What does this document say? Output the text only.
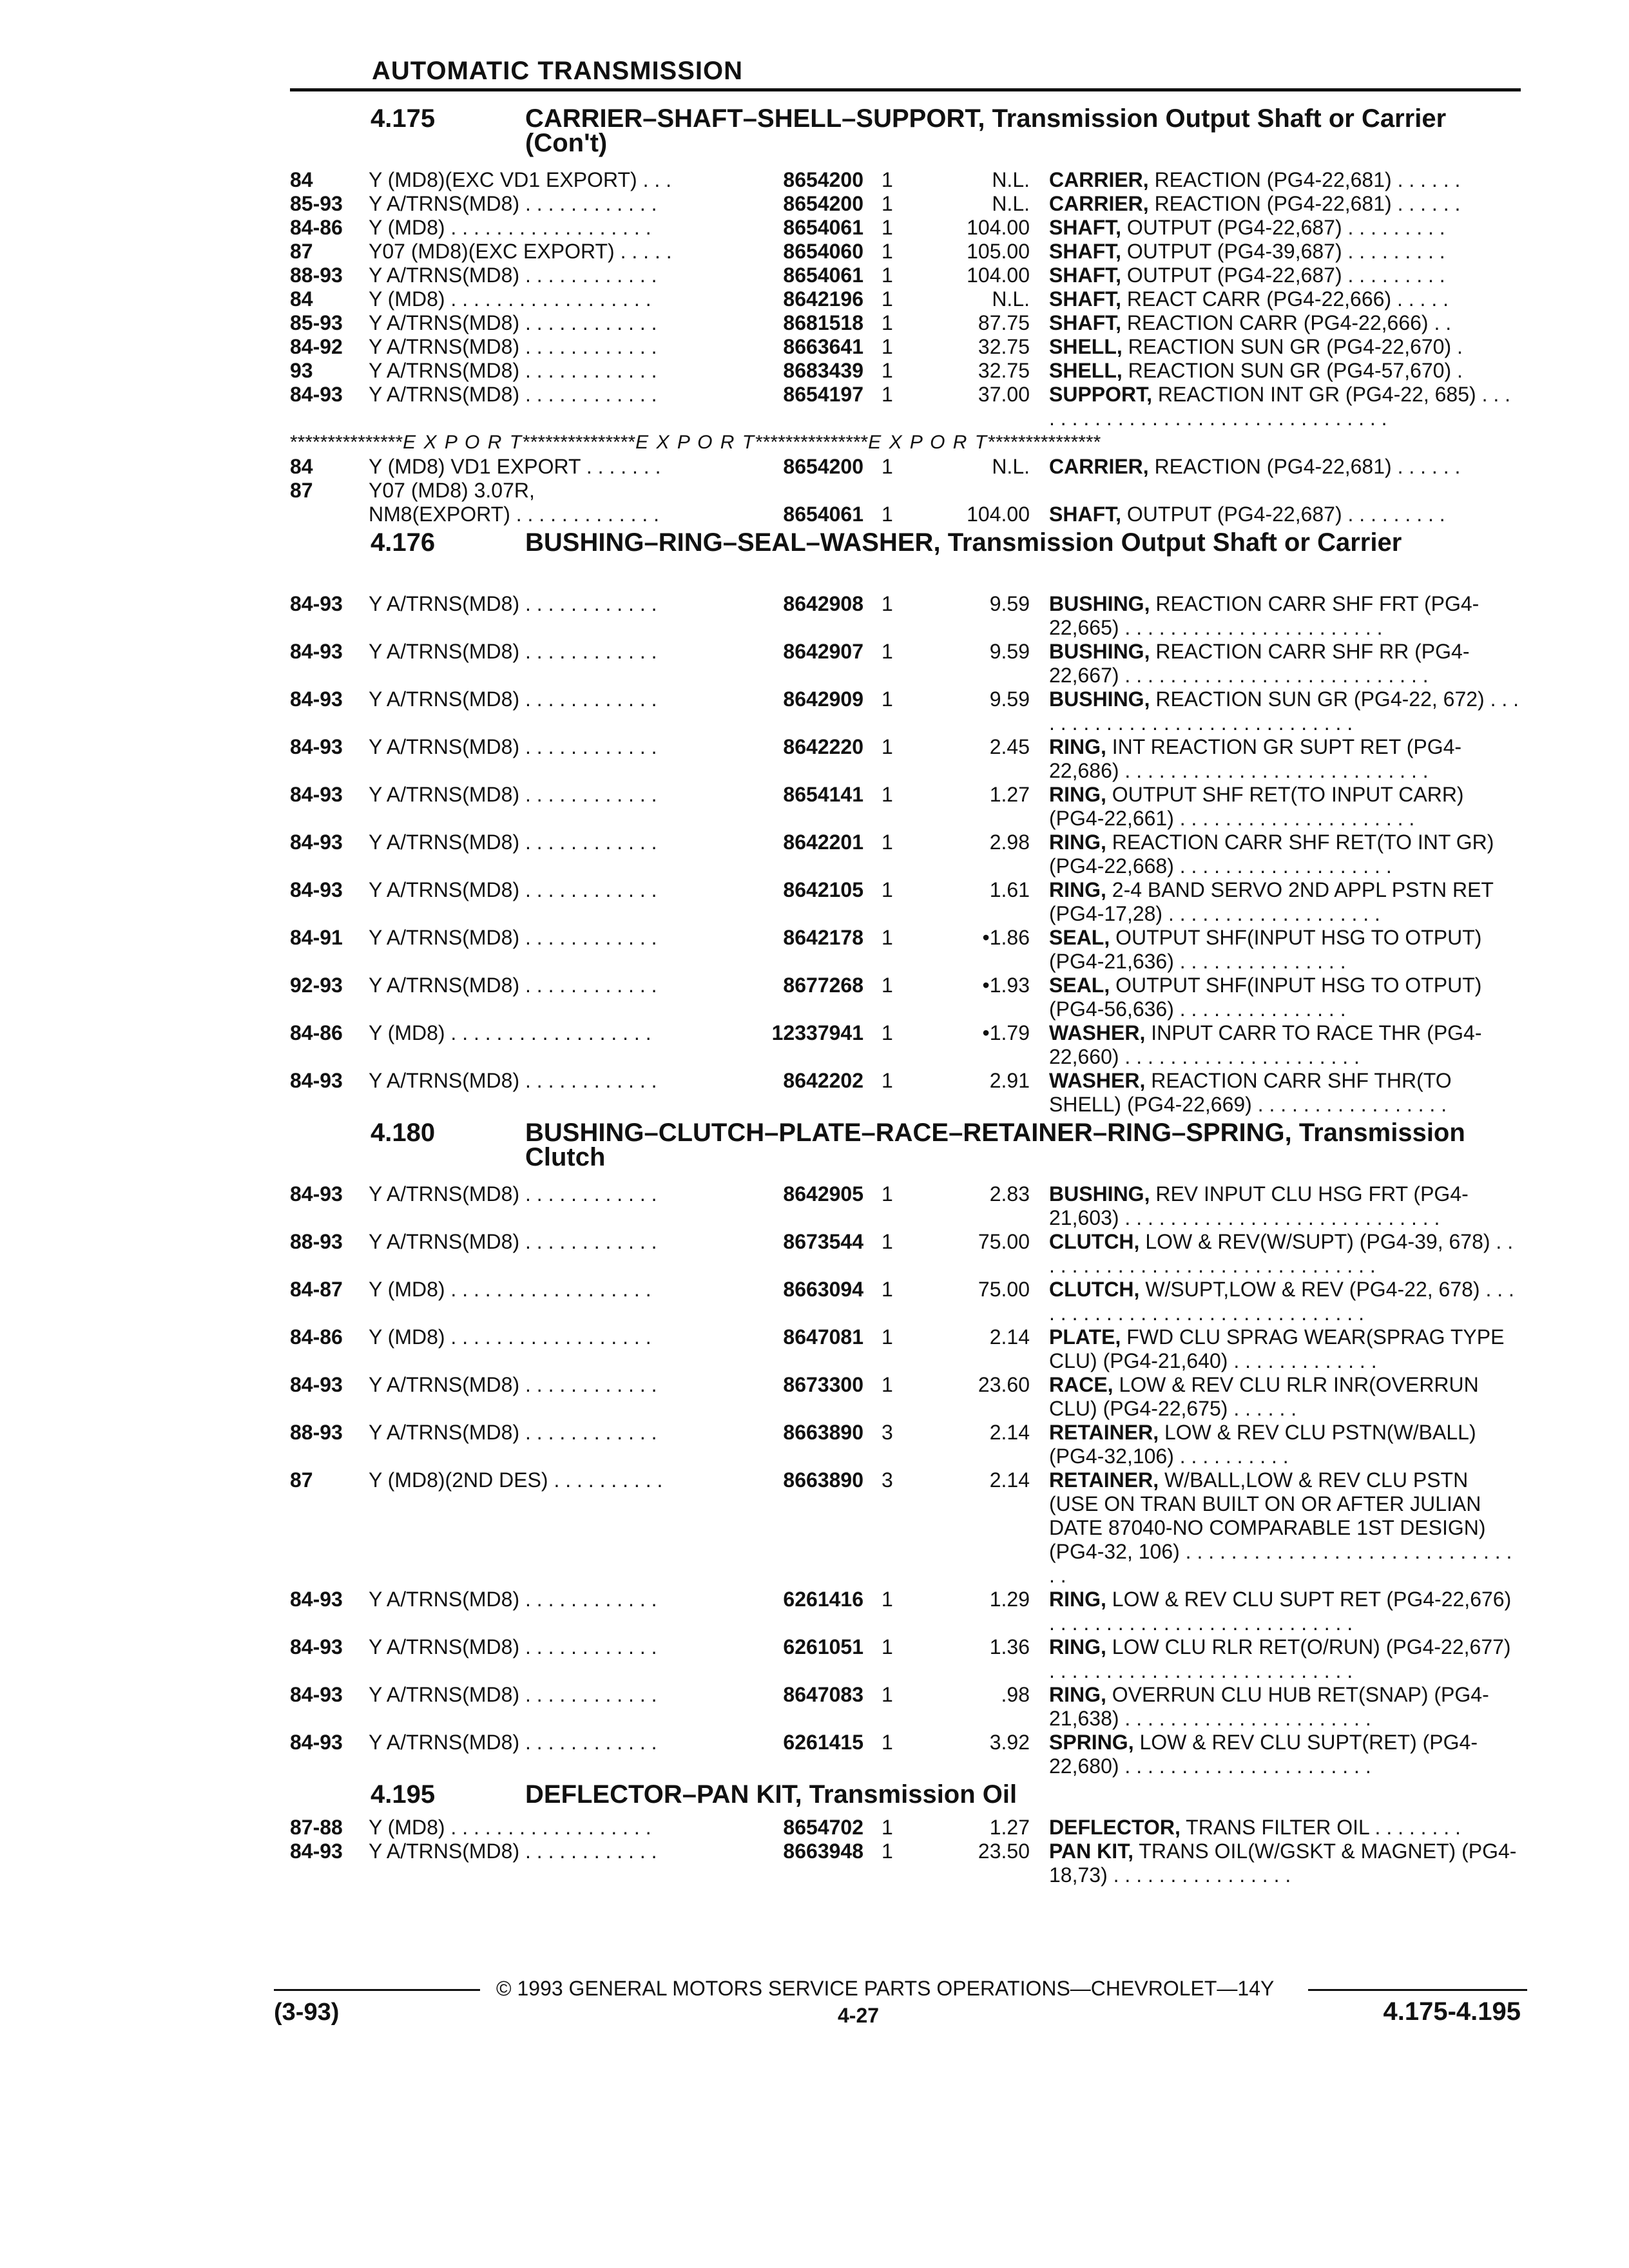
AUTOMATIC TRANSMISSION
4.175	CARRIER–SHAFT–SHELL–SUPPORT, Transmission Output Shaft or Carrier (Con't)
84	Y (MD8)(EXC VD1 EXPORT) . . .	8654200 1	N.L. CARRIER, REACTION (PG4-22,681) . . . . . .
85-93 Y A/TRNS(MD8) . . . . . . . . . . . .	8654200 1	N.L. CARRIER, REACTION (PG4-22,681) . . . . . .
84-86 Y (MD8) . . . . . . . . . . . . . . . . . .	8654061 1	104.00 SHAFT, OUTPUT (PG4-22,687) . . . . . . . . .
87	Y07 (MD8)(EXC EXPORT) . . . . .	8654060 1	105.00 SHAFT, OUTPUT (PG4-39,687) . . . . . . . . .
88-93 Y A/TRNS(MD8) . . . . . . . . . . . .	8654061 1	104.00 SHAFT, OUTPUT (PG4-22,687) . . . . . . . . .
84	Y (MD8) . . . . . . . . . . . . . . . . . .	8642196 1	N.L. SHAFT, REACT CARR (PG4-22,666) . . . . .
85-93 Y A/TRNS(MD8) . . . . . . . . . . . .	8681518 1	87.75 SHAFT, REACTION CARR (PG4-22,666) . .
84-92 Y A/TRNS(MD8) . . . . . . . . . . . .	8663641 1	32.75 SHELL, REACTION SUN GR (PG4-22,670) .
93	Y A/TRNS(MD8) . . . . . . . . . . . .	8683439 1	32.75 SHELL, REACTION SUN GR (PG4-57,670) .
84-93 Y A/TRNS(MD8) . . . . . . . . . . . .	8654197 1	37.00 SUPPORT, REACTION INT GR (PG4-22, 685) . . . . . . . . . . . . . . . . . . . . . . . . . . . . . . . . .
***************E X P O R T***************E X P O R T***************E X P O R T***************
84	Y (MD8) VD1 EXPORT . . . . . . .	8654200 1	N.L. CARRIER, REACTION (PG4-22,681) . . . . . .
87	Y07 (MD8) 3.07R,
NM8(EXPORT) . . . . . . . . . . . . .	8654061 1	104.00 SHAFT, OUTPUT (PG4-22,687) . . . . . . . . .
4.176	BUSHING–RING–SEAL–WASHER, Transmission Output Shaft or Carrier
84-93 Y A/TRNS(MD8) . . . . . . . . . . . .	8642908 1	9.59 BUSHING, REACTION CARR SHF FRT (PG4-22,665) . . . . . . . . . . . . . . . . . . . . . . .
84-93 Y A/TRNS(MD8) . . . . . . . . . . . .	8642907 1	9.59 BUSHING, REACTION CARR SHF RR (PG4-22,667) . . . . . . . . . . . . . . . . . . . . . . . . . . .
84-93 Y A/TRNS(MD8) . . . . . . . . . . . .	8642909 1	9.59 BUSHING, REACTION SUN GR (PG4-22, 672) . . . . . . . . . . . . . . . . . . . . . . . . . . . . . .
84-93 Y A/TRNS(MD8) . . . . . . . . . . . .	8642220 1	2.45 RING, INT REACTION GR SUPT RET (PG4-22,686) . . . . . . . . . . . . . . . . . . . . . . . . . . .
84-93 Y A/TRNS(MD8) . . . . . . . . . . . .	8654141 1	1.27 RING, OUTPUT SHF RET(TO INPUT CARR) (PG4-22,661) . . . . . . . . . . . . . . . . . . . . .
84-93 Y A/TRNS(MD8) . . . . . . . . . . . .	8642201 1	2.98 RING, REACTION CARR SHF RET(TO INT GR) (PG4-22,668) . . . . . . . . . . . . . . . . . . .
84-93 Y A/TRNS(MD8) . . . . . . . . . . . .	8642105 1	1.61 RING, 2-4 BAND SERVO 2ND APPL PSTN RET (PG4-17,28) . . . . . . . . . . . . . . . . . . .
84-91 Y A/TRNS(MD8) . . . . . . . . . . . .	8642178 1	•1.86 SEAL, OUTPUT SHF(INPUT HSG TO OTPUT) (PG4-21,636) . . . . . . . . . . . . . . .
92-93 Y A/TRNS(MD8) . . . . . . . . . . . .	8677268 1	•1.93 SEAL, OUTPUT SHF(INPUT HSG TO OTPUT) (PG4-56,636) . . . . . . . . . . . . . . .
84-86 Y (MD8) . . . . . . . . . . . . . . . . . .	12337941 1	•1.79 WASHER, INPUT CARR TO RACE THR (PG4-22,660) . . . . . . . . . . . . . . . . . . . . .
84-93 Y A/TRNS(MD8) . . . . . . . . . . . .	8642202 1	2.91 WASHER, REACTION CARR SHF THR(TO SHELL) (PG4-22,669) . . . . . . . . . . . . . . . . .
4.180	BUSHING–CLUTCH–PLATE–RACE–RETAINER–RING–SPRING, Transmission Clutch
84-93 Y A/TRNS(MD8) . . . . . . . . . . . .	8642905 1	2.83 BUSHING, REV INPUT CLU HSG FRT (PG4-21,603) . . . . . . . . . . . . . . . . . . . . . . . . . . . .
88-93 Y A/TRNS(MD8) . . . . . . . . . . . .	8673544 1	75.00 CLUTCH, LOW & REV(W/SUPT) (PG4-39, 678) . . . . . . . . . . . . . . . . . . . . . . . . . . . . . . .
84-87 Y (MD8) . . . . . . . . . . . . . . . . . .	8663094 1	75.00 CLUTCH, W/SUPT,LOW & REV (PG4-22, 678) . . . . . . . . . . . . . . . . . . . . . . . . . . . . . . .
84-86 Y (MD8) . . . . . . . . . . . . . . . . . .	8647081 1	2.14 PLATE, FWD CLU SPRAG WEAR(SPRAG TYPE CLU) (PG4-21,640) . . . . . . . . . . . . .
84-93 Y A/TRNS(MD8) . . . . . . . . . . . .	8673300 1	23.60 RACE, LOW & REV CLU RLR INR(OVERRUN CLU) (PG4-22,675) . . . . . .
88-93 Y A/TRNS(MD8) . . . . . . . . . . . .	8663890 3	2.14 RETAINER, LOW & REV CLU PSTN(W/BALL) (PG4-32,106) . . . . . . . . . .
87	Y (MD8)(2ND DES) . . . . . . . . . .	8663890 3	2.14 RETAINER, W/BALL,LOW & REV CLU PSTN (USE ON TRAN BUILT ON OR AFTER JULIAN DATE 87040-NO COMPARABLE 1ST DESIGN) (PG4-32, 106) . . . . . . . . . . . . . . . . . . . . . . . . . . . . . . .
84-93 Y A/TRNS(MD8) . . . . . . . . . . . .	6261416 1	1.29 RING, LOW & REV CLU SUPT RET (PG4-22,676) . . . . . . . . . . . . . . . . . . . . . . . . . . .
84-93 Y A/TRNS(MD8) . . . . . . . . . . . .	6261051 1	1.36 RING, LOW CLU RLR RET(O/RUN) (PG4-22,677) . . . . . . . . . . . . . . . . . . . . . . . . . . .
84-93 Y A/TRNS(MD8) . . . . . . . . . . . .	8647083 1	.98 RING, OVERRUN CLU HUB RET(SNAP) (PG4-21,638) . . . . . . . . . . . . . . . . . . . . . .
84-93 Y A/TRNS(MD8) . . . . . . . . . . . .	6261415 1	3.92 SPRING, LOW & REV CLU SUPT(RET) (PG4-22,680) . . . . . . . . . . . . . . . . . . . . . .
4.195	DEFLECTOR–PAN KIT, Transmission Oil
87-88 Y (MD8) . . . . . . . . . . . . . . . . . .	8654702 1	1.27 DEFLECTOR, TRANS FILTER OIL . . . . . . . .
84-93 Y A/TRNS(MD8) . . . . . . . . . . . .	8663948 1	23.50 PAN KIT, TRANS OIL(W/GSKT & MAGNET) (PG4-18,73) . . . . . . . . . . . . . . . .
© 1993 GENERAL MOTORS SERVICE PARTS OPERATIONS—CHEVROLET—14Y
(3-93)	4-27	4.175-4.195
